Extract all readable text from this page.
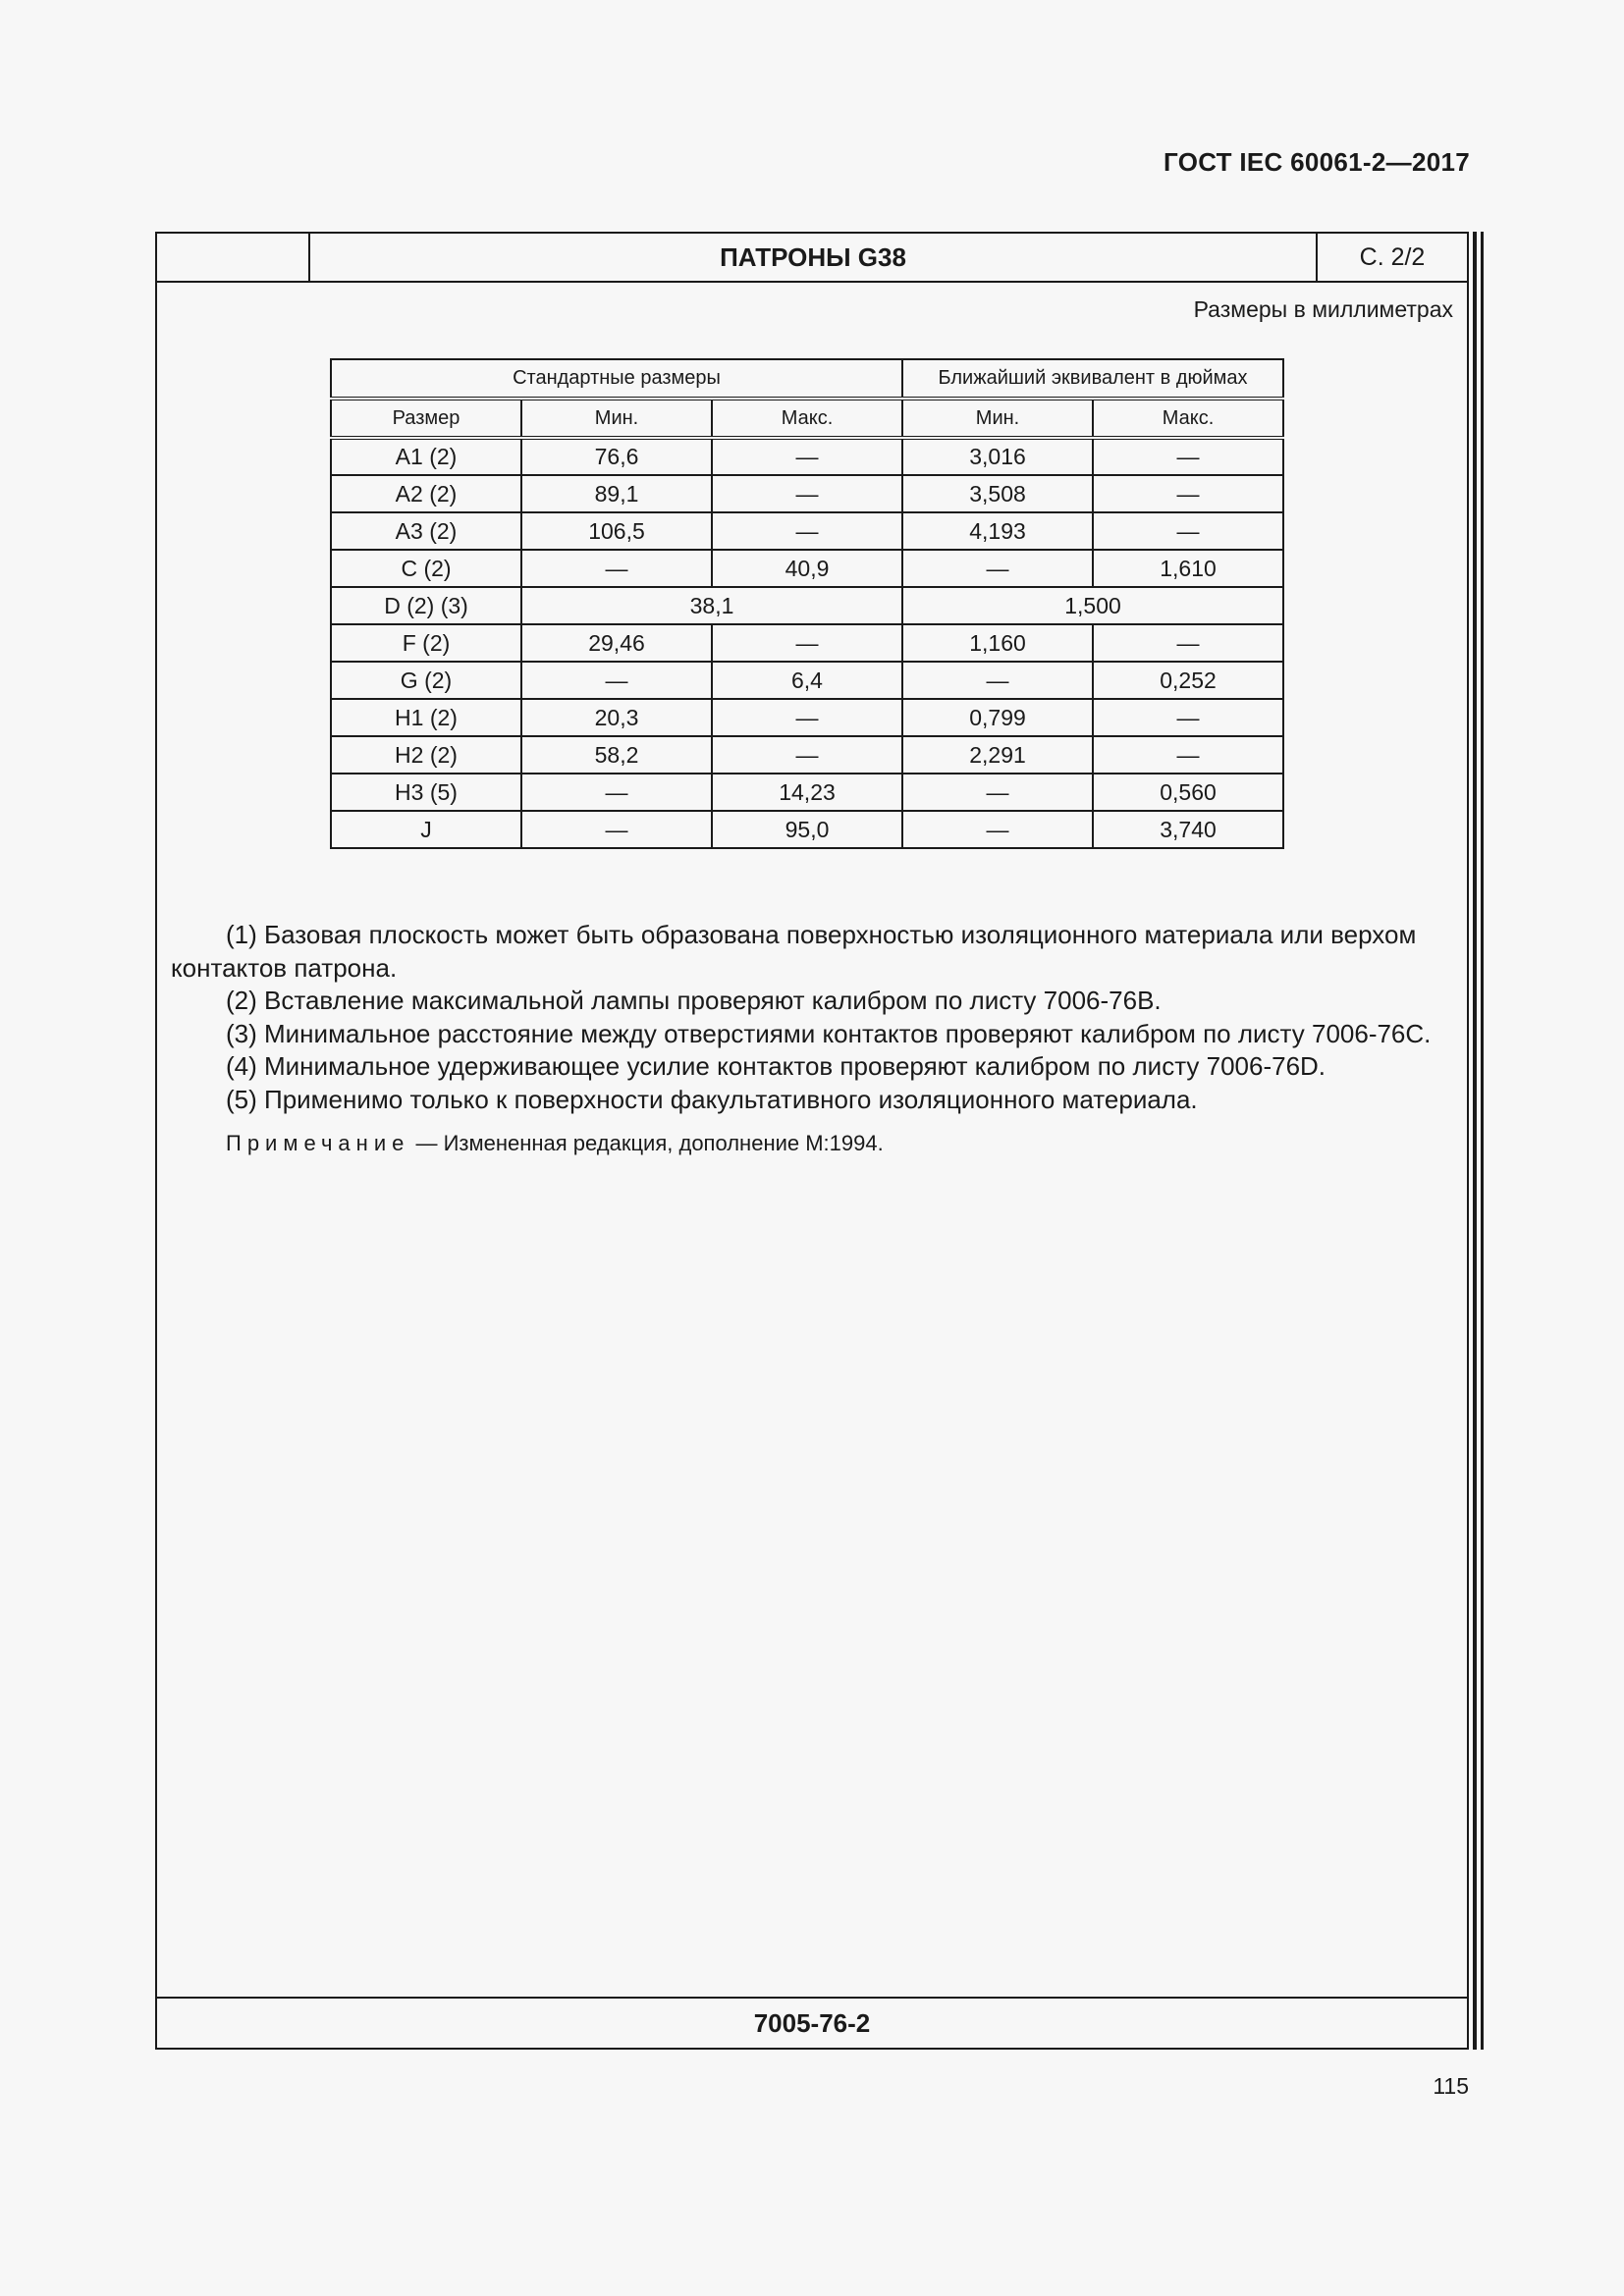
ГОСТ IEC 60061-2—2017
ПАТРОНЫ G38	С. 2/2
Размеры в миллиметрах
Стандартные размеры			Ближайший эквивалент в дюймах	
Размер	Мин.	Макс.	Мин.	Макс.
A1 (2)	76,6	—	3,016	—
A2 (2)	89,1	—	3,508	—
A3 (2)	106,5	—	4,193	—
C (2)	—	40,9	—	1,610
D (2) (3)	38,1		1,500	
F (2)	29,46	—	1,160	—
G (2)	—	6,4	—	0,252
H1 (2)	20,3	—	0,799	—
H2 (2)	58,2	—	2,291	—
H3 (5)	—	14,23	—	0,560
J	—	95,0	—	3,740

(1) Базовая плоскость может быть образована поверхностью изоляционного материала или верхом контактов патрона.

(2) Вставление максимальной лампы проверяют калибром по листу 7006-76B.

(3) Минимальное расстояние между отверстиями контактов проверяют калибром по листу 7006-76C.

(4) Минимальное удерживающее усилие контактов проверяют калибром по листу 7006-76D.

(5) Применимо только к поверхности факультативного изоляционного материала.

Примечание — Измененная редакция, дополнение М:1994.
7005-76-2
115
